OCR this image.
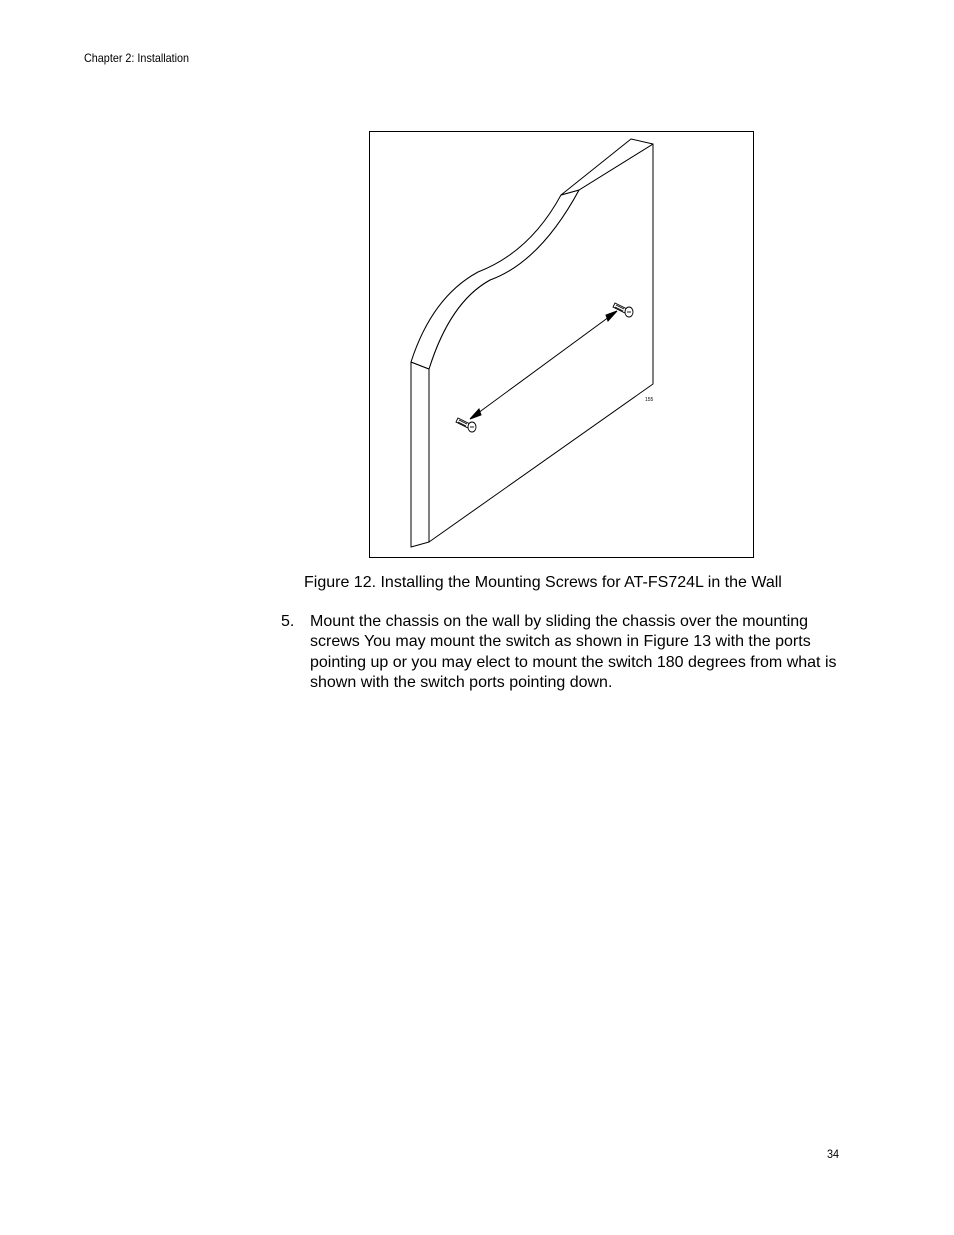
Chapter 2: Installation
155
Figure 12. Installing the Mounting Screws for AT-FS724L in the Wall
5. Mount the chassis on the wall by sliding the chassis over the mounting screws You may mount the switch as shown in Figure 13 with the ports pointing up or you may elect to mount the switch 180 degrees from what is shown with the switch ports pointing down.
34
